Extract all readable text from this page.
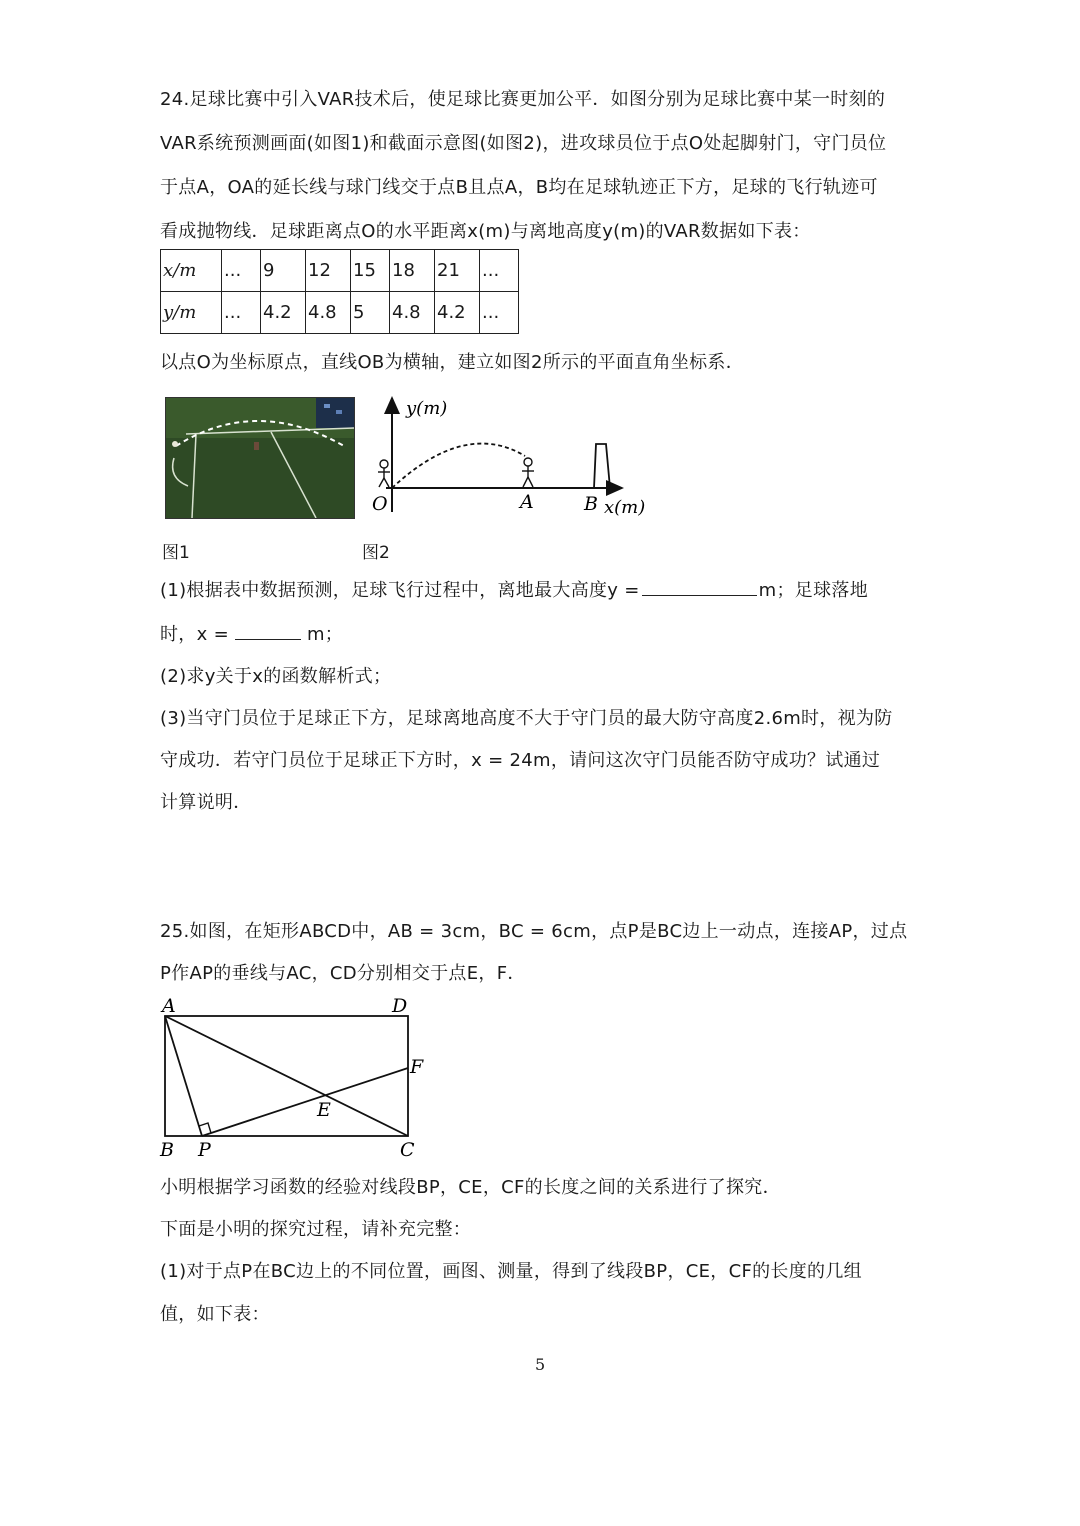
24.足球比赛中引入VAR技术后，使足球比赛更加公平．如图分别为足球比赛中某一时刻的
VAR系统预测画面(如图1)和截面示意图(如图2)，进攻球员位于点O处起脚射门，守门员位
于点A，OA的延长线与球门线交于点B且点A，B均在足球轨迹正下方，足球的飞行轨迹可
看成抛物线．足球距离点O的水平距离x(m)与离地高度y(m)的VAR数据如下表：
x/m	...	9	12	15	18	21	...
y/m	...	4.2	4.8	5	4.8	4.2	...
以点O为坐标原点，直线OB为横轴，建立如图2所示的平面直角坐标系．
y(m)
x(m)
O	A	B
图1	图2
(1)根据表中数据预测，足球飞行过程中，离地最大高度y =	m；足球落地
时，x =	m；
(2)求y关于x的函数解析式；
(3)当守门员位于足球正下方，足球离地高度不大于守门员的最大防守高度2.6m时，视为防
守成功．若守门员位于足球正下方时，x = 24m，请问这次守门员能否防守成功？试通过
计算说明．
25.如图，在矩形ABCD中，AB = 3cm，BC = 6cm，点P是BC边上一动点，连接AP，过点
P作AP的垂线与AC，CD分别相交于点E，F．
A	D
F
E
B P	C
小明根据学习函数的经验对线段BP，CE，CF的长度之间的关系进行了探究．
下面是小明的探究过程，请补充完整：
(1)对于点P在BC边上的不同位置，画图、测量，得到了线段BP，CE，CF的长度的几组
值，如下表：
5
